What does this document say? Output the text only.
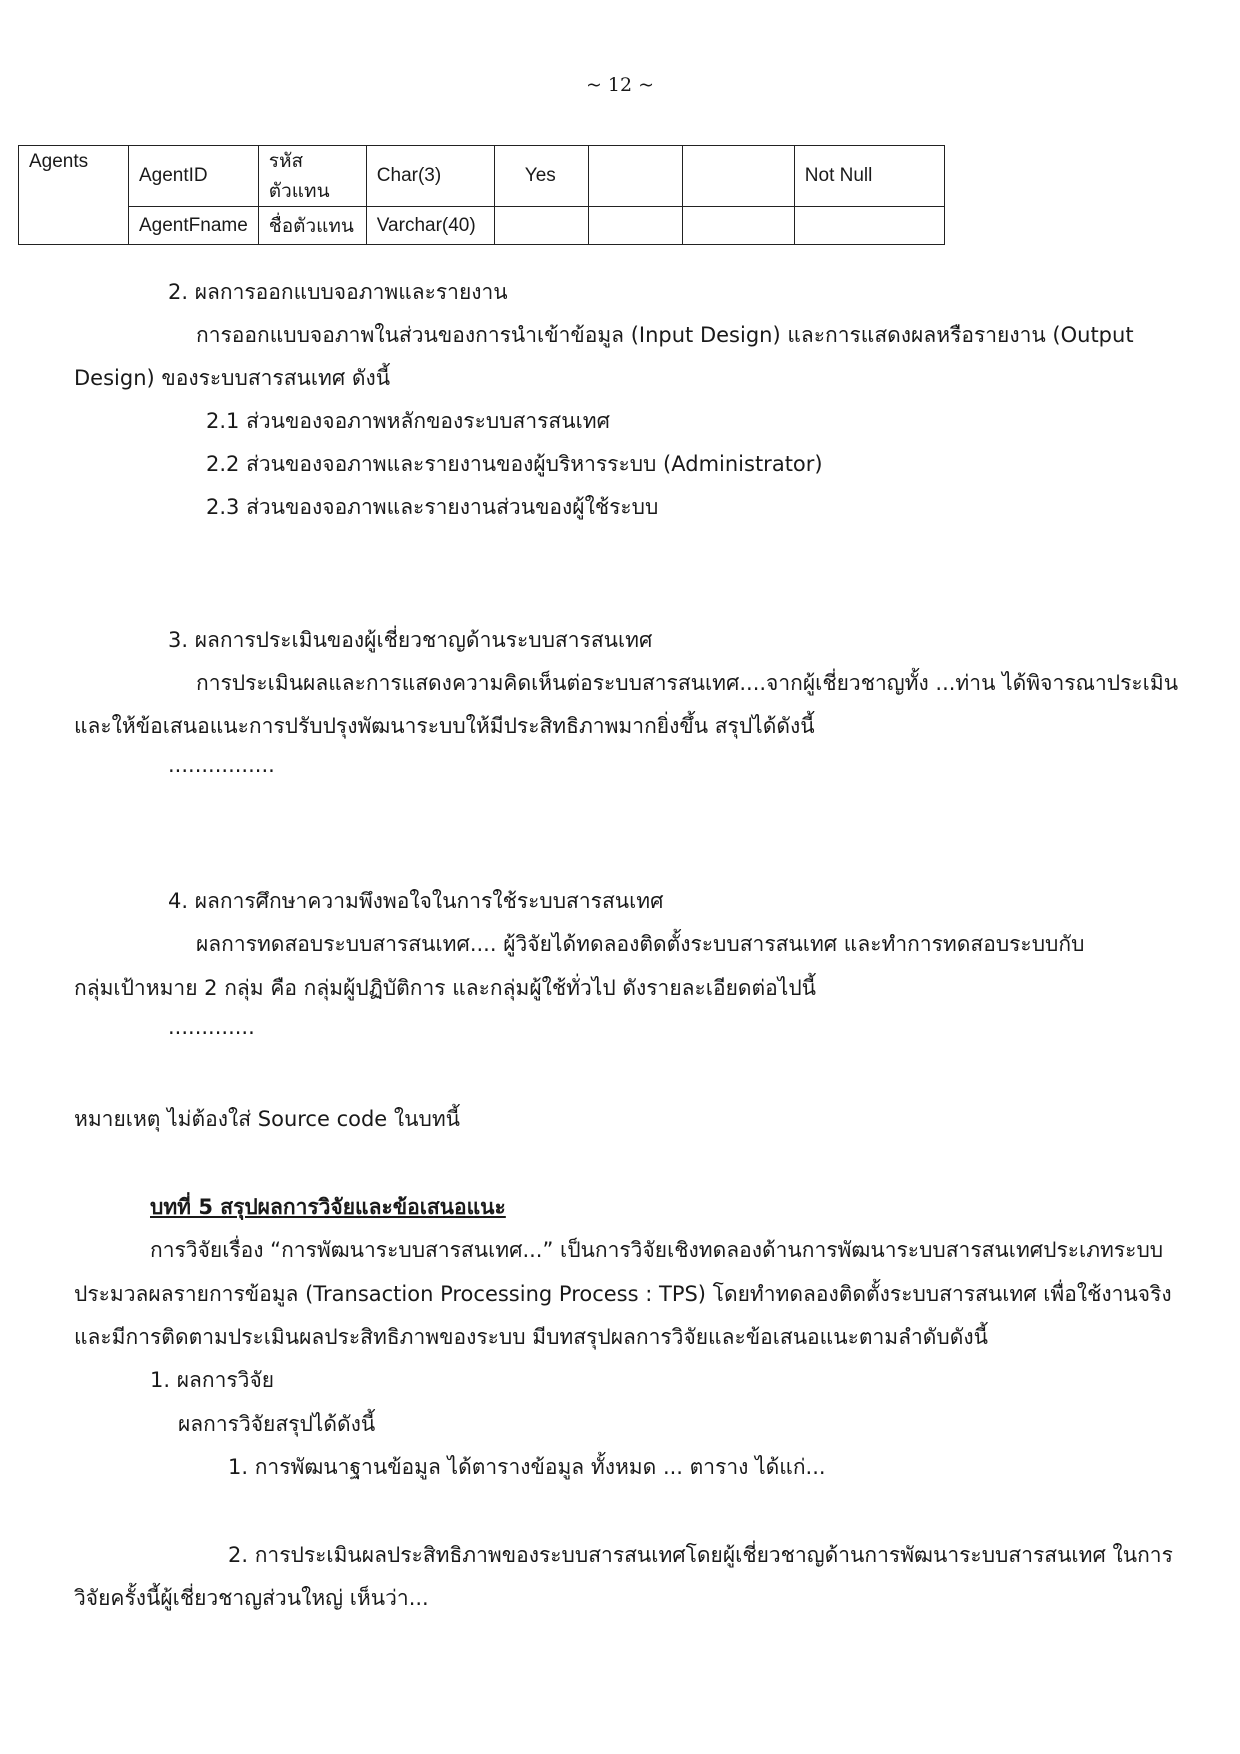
~ 12 ~
Agents	AgentID	รหัสตัวแทน	Char(3)	Yes			Not Null
	AgentFname	ชื่อตัวแทน	Varchar(40)				
2. ผลการออกแบบจอภาพและรายงาน
การออกแบบจอภาพในส่วนของการนำเข้าข้อมูล (Input Design) และการแสดงผลหรือรายงาน (Output
Design) ของระบบสารสนเทศ ดังนี้
2.1 ส่วนของจอภาพหลักของระบบสารสนเทศ
2.2 ส่วนของจอภาพและรายงานของผู้บริหารระบบ (Administrator)
2.3 ส่วนของจอภาพและรายงานส่วนของผู้ใช้ระบบ
3. ผลการประเมินของผู้เชี่ยวชาญด้านระบบสารสนเทศ
การประเมินผลและการแสดงความคิดเห็นต่อระบบสารสนเทศ....จากผู้เชี่ยวชาญทั้ง ...ท่าน ได้พิจารณาประเมิน
และให้ข้อเสนอแนะการปรับปรุงพัฒนาระบบให้มีประสิทธิภาพมากยิ่งขึ้น สรุปได้ดังนี้
................
4. ผลการศึกษาความพึงพอใจในการใช้ระบบสารสนเทศ
ผลการทดสอบระบบสารสนเทศ.... ผู้วิจัยได้ทดลองติดตั้งระบบสารสนเทศ และทำการทดสอบระบบกับ
กลุ่มเป้าหมาย 2 กลุ่ม คือ กลุ่มผู้ปฏิบัติการ และกลุ่มผู้ใช้ทั่วไป ดังรายละเอียดต่อไปนี้
.............
หมายเหตุ ไม่ต้องใส่ Source code ในบทนี้
บทที่ 5 สรุปผลการวิจัยและข้อเสนอแนะ
การวิจัยเรื่อง “การพัฒนาระบบสารสนเทศ...” เป็นการวิจัยเชิงทดลองด้านการพัฒนาระบบสารสนเทศประเภทระบบ
ประมวลผลรายการข้อมูล (Transaction Processing Process : TPS) โดยทำทดลองติดตั้งระบบสารสนเทศ เพื่อใช้งานจริง
และมีการติดตามประเมินผลประสิทธิภาพของระบบ มีบทสรุปผลการวิจัยและข้อเสนอแนะตามลำดับดังนี้
1. ผลการวิจัย
ผลการวิจัยสรุปได้ดังนี้
1. การพัฒนาฐานข้อมูล ได้ตารางข้อมูล ทั้งหมด ... ตาราง ได้แก่...
2. การประเมินผลประสิทธิภาพของระบบสารสนเทศโดยผู้เชี่ยวชาญด้านการพัฒนาระบบสารสนเทศ ในการ
วิจัยครั้งนี้ผู้เชี่ยวชาญส่วนใหญ่ เห็นว่า...
